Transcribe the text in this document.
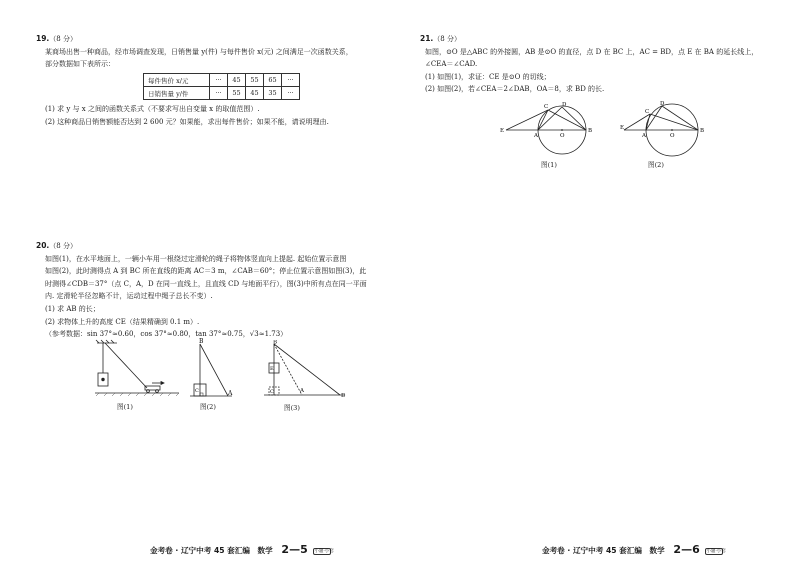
19.（8 分）
某商场出售一种商品，经市场调查发现，日销售量 y(件) 与每件售价 x(元) 之间满足一次函数关系，
部分数据如下表所示：
每件售价 x/元	···	45	55	65	···
日销售量 y/件	···	55	45	35	···
(1) 求 y 与 x 之间的函数关系式（不要求写出自变量 x 的取值范围）.
(2) 这种商品日销售额能否达到 2 600 元？如果能，求出每件售价；如果不能，请说明理由.
20.（8 分）
如图(1)，在水平地面上，一辆小车用一根绕过定滑轮的绳子将物体竖直向上提起. 起始位置示意图
如图(2)，此时测得点 A 到 BC 所在直线的距离 AC＝3 m，∠CAB＝60°；停止位置示意图如图(3)，此
时测得∠CDB＝37°（点 C，A，D 在同一直线上，且直线 CD 与地面平行），图(3)中所有点在同一平面
内. 定滑轮半径忽略不计，运动过程中绳子总长不变）.
(1) 求 AB 的长；
(2) 求物体上升的高度 CE（结果精确到 0.1 m）.
（参考数据：sin 37°≈0.60，cos 37°≈0.80，tan 37°≈0.75，√3≈1.73）
图(1)
B
C	A
图(2)
B
E
C	A
D
图(3)
21.（8 分）
如图，⊙O 是△ABC 的外接圆，AB 是⊙O 的直径，点 D 在 BC 上，AC = BD，点 E 在 BA 的延长线上，
∠CEA＝∠CAD.
(1) 如图(1)，求证：CE 是⊙O 的切线；
(2) 如图(2)，若∠CEA＝2∠DAB，OA＝8，求 BD 的长.
E
A
C	D
O
B
图(1)
E
A
C
D
O
B
图(2)
金考卷 · 辽宁中考 45 套汇编　数学 2—5 小题·小套	金考卷 · 辽宁中考 45 套汇编　数学 2—6 小题·小套
